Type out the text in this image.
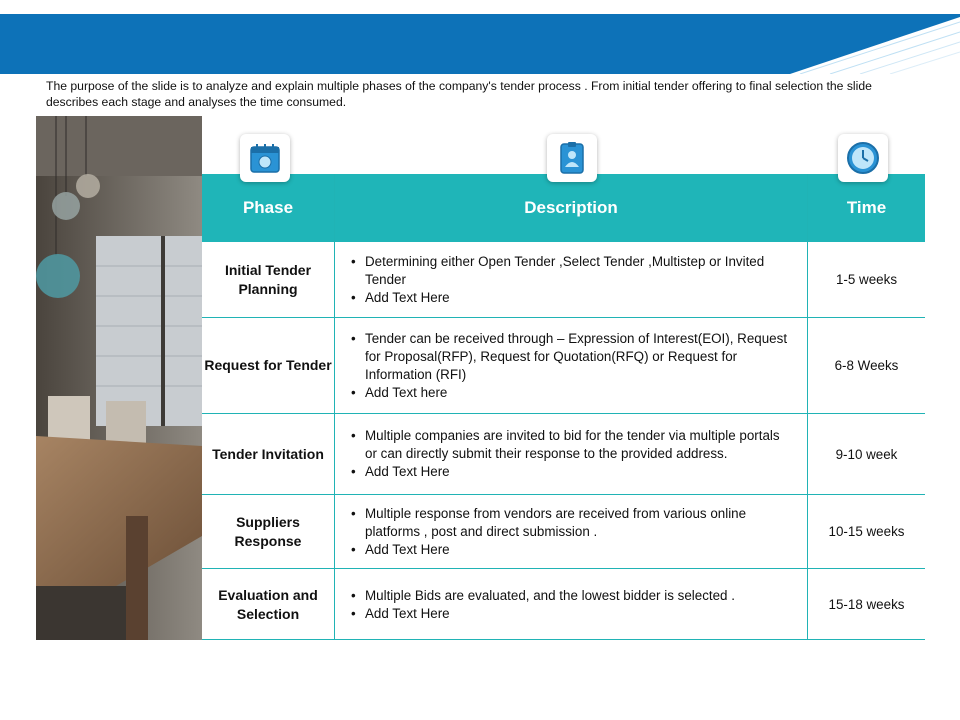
The purpose of the slide is to analyze and explain multiple phases of the company's tender process . From initial tender offering to final selection the slide describes each stage and analyses the time consumed.

Phase	Description	Time
Initial Tender Planning
• Determining either Open Tender ,Select Tender ,Multistep or Invited Tender
• Add Text Here
1-5 weeks
Request for Tender
• Tender can be received through – Expression of Interest(EOI), Request for Proposal(RFP), Request for Quotation(RFQ) or Request for Information (RFI)
• Add Text here
6-8 Weeks
Tender Invitation
• Multiple companies are invited to bid for the tender via multiple portals or can directly submit their response to the provided address.
• Add Text Here
9-10 week
Suppliers Response
• Multiple response from vendors are received from various online platforms , post and direct submission .
• Add Text Here
10-15 weeks
Evaluation and Selection
• Multiple Bids are evaluated, and the lowest bidder is selected .
• Add Text Here
15-18 weeks
